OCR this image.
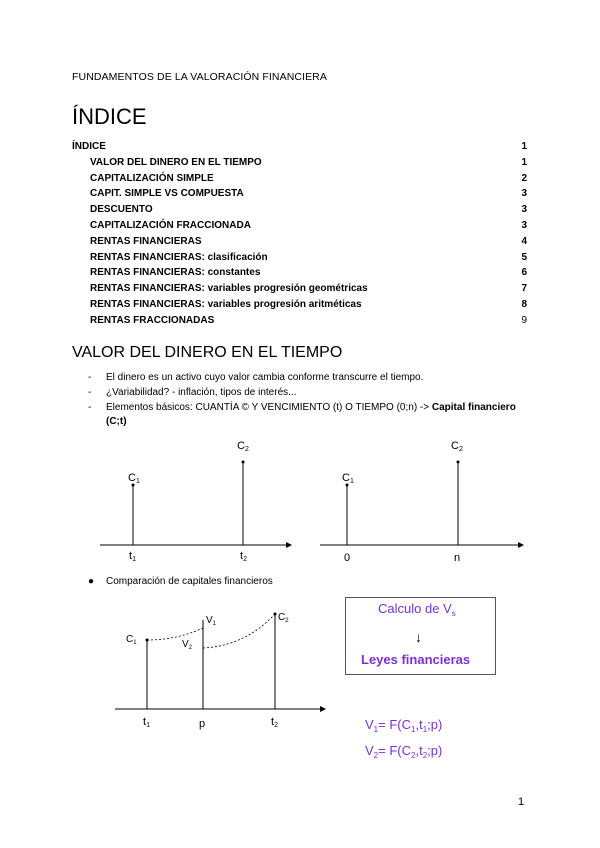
FUNDAMENTOS DE LA VALORACIÓN FINANCIERA
ÍNDICE
ÍNDICE	1
VALOR DEL DINERO EN EL TIEMPO	1
CAPITALIZACIÓN SIMPLE	2
CAPIT. SIMPLE VS COMPUESTA	3
DESCUENTO	3
CAPITALIZACIÓN FRACCIONADA	3
RENTAS FINANCIERAS	4
RENTAS FINANCIERAS: clasificación	5
RENTAS FINANCIERAS: constantes	6
RENTAS FINANCIERAS: variables progresión geométricas	7
RENTAS FINANCIERAS: variables progresión aritméticas	8
RENTAS FRACCIONADAS	9
VALOR DEL DINERO EN EL TIEMPO
-	El dinero es un activo cuyo valor cambia conforme transcurre el tiempo.
-	¿Variabilidad? - inflación, tipos de interés...
-	Elementos básicos: CUANTÍA © Y VENCIMIENTO (t) O TIEMPO (0;n) -> Capital financiero (C;t)
C1
C2
t1	t2
C1
C2
0	n
●	Comparación de capitales financieros
$C_1$
$C_2$
$V_1$
$V_2$
t1	p	t2
Calculo de $V_s$
↓
Leyes financieras
$V_1=$ $F(C_1,t_1;p)$
$V_2=$ $F(C_2,t_2;p)$
1
